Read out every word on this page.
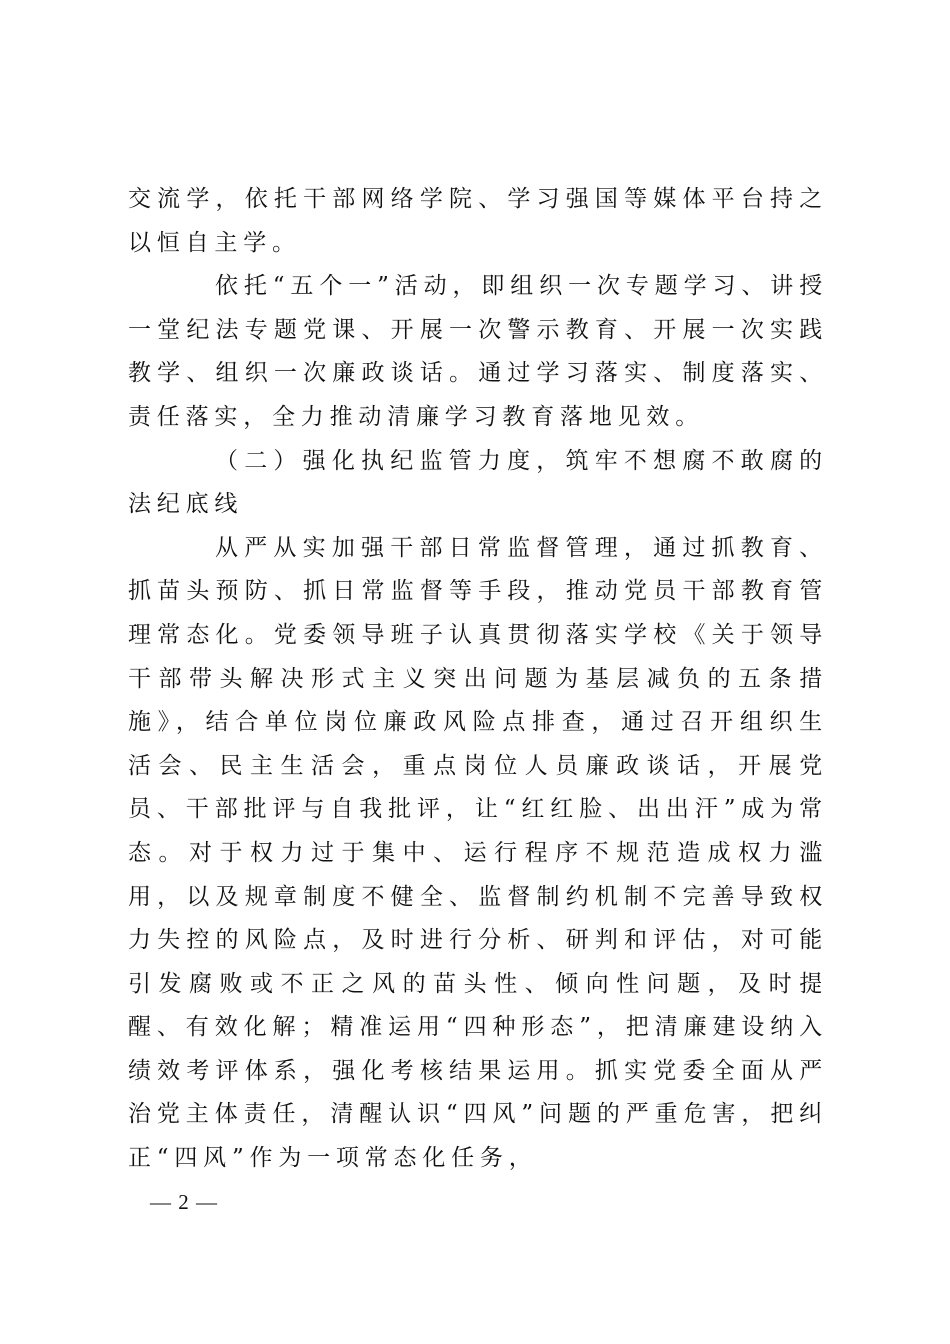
交流学，依托干部网络学院、学习强国等媒体平台持之以恒自主学。

依托“五个一”活动，即组织一次专题学习、讲授一堂纪法专题党课、开展一次警示教育、开展一次实践教学、组织一次廉政谈话。通过学习落实、制度落实、责任落实，全力推动清廉学习教育落地见效。

（二）强化执纪监管力度，筑牢不想腐不敢腐的法纪底线

从严从实加强干部日常监督管理，通过抓教育、抓苗头预防、抓日常监督等手段，推动党员干部教育管理常态化。党委领导班子认真贯彻落实学校《关于领导干部带头解决形式主义突出问题为基层减负的五条措施》，结合单位岗位廉政风险点排查，通过召开组织生活会、民主生活会，重点岗位人员廉政谈话，开展党员、干部批评与自我批评，让“红红脸、出出汗”成为常态。对于权力过于集中、运行程序不规范造成权力滥用，以及规章制度不健全、监督制约机制不完善导致权力失控的风险点，及时进行分析、研判和评估，对可能引发腐败或不正之风的苗头性、倾向性问题，及时提醒、有效化解；精准运用“四种形态”，把清廉建设纳入绩效考评体系，强化考核结果运用。抓实党委全面从严治党主体责任，清醒认识“四风”问题的严重危害，把纠正“四风”作为一项常态化任务，

— 2 —
